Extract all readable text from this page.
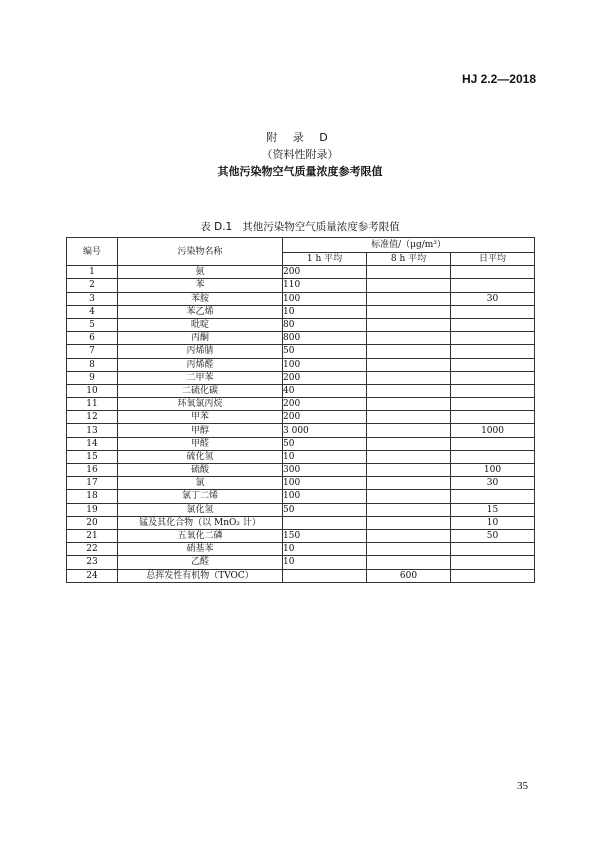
HJ 2.2—2018
附 录 D
（资料性附录）
其他污染物空气质量浓度参考限值
表 D.1 其他污染物空气质量浓度参考限值
编号	污染物名称	标准值/（μg/m³）		
		1 h 平均	8 h 平均	日平均
1	氨	200		
2	苯	110		
3	苯胺	100		30
4	苯乙烯	10		
5	吡啶	80		
6	丙酮	800		
7	丙烯腈	50		
8	丙烯醛	100		
9	二甲苯	200		
10	二硫化碳	40		
11	环氧氯丙烷	200		
12	甲苯	200		
13	甲醇	3 000		1000
14	甲醛	50		
15	硫化氢	10		
16	硫酸	300		100
17	氯	100		30
18	氯丁二烯	100		
19	氯化氢	50		15
20	锰及其化合物（以 MnO₂ 计）			10
21	五氧化二磷	150		50
22	硝基苯	10		
23	乙醛	10		
24	总挥发性有机物（TVOC）		600	
35
